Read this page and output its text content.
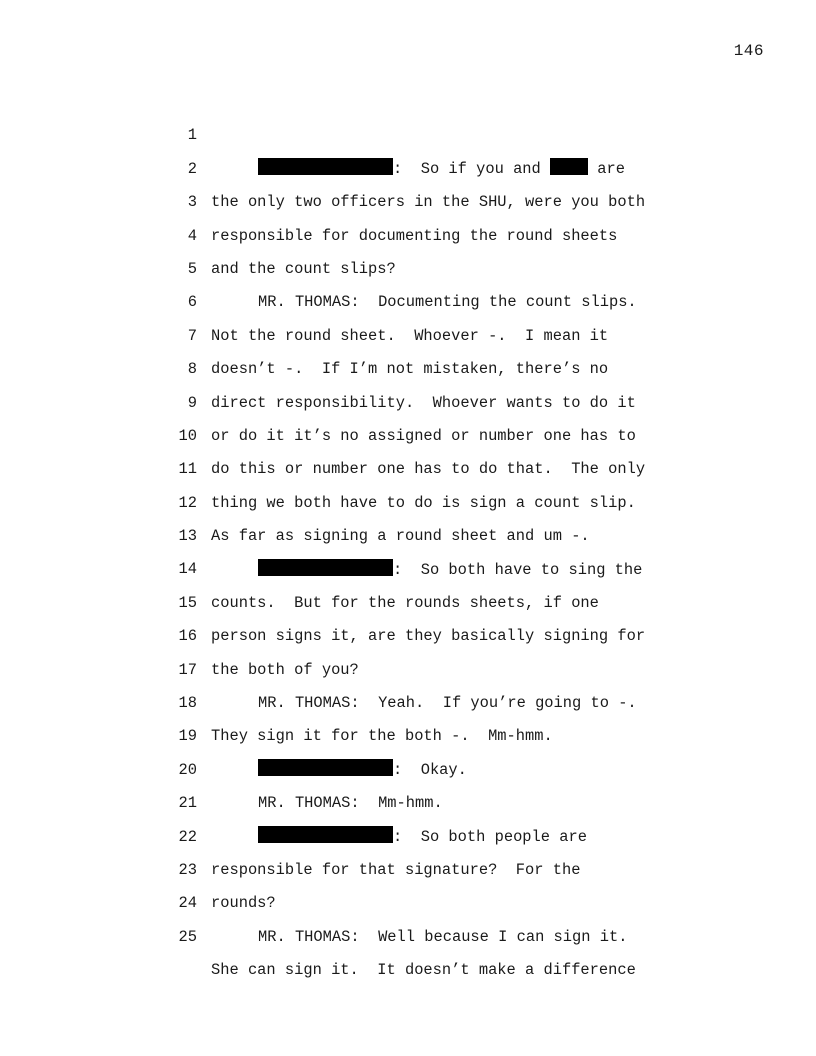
146

1

:  So if you and  are

2

the only two officers in the SHU, were you both

3

responsible for documenting the round sheets

4

and the count slips?

5

MR. THOMAS:  Documenting the count slips.

6

Not the round sheet.  Whoever -.  I mean it

7

doesn’t -.  If I’m not mistaken, there’s no

8

direct responsibility.  Whoever wants to do it

9

or do it it’s no assigned or number one has to

10

do this or number one has to do that.  The only

11

thing we both have to do is sign a count slip.

12

As far as signing a round sheet and um -.

13

:  So both have to sing the

14

counts.  But for the rounds sheets, if one

15

person signs it, are they basically signing for

16

the both of you?

17

MR. THOMAS:  Yeah.  If you’re going to -.

18

They sign it for the both -.  Mm-hmm.

19

:  Okay.

20

MR. THOMAS:  Mm-hmm.

21

:  So both people are

22

responsible for that signature?  For the

23

rounds?

24

MR. THOMAS:  Well because I can sign it.

25

She can sign it.  It doesn’t make a difference
